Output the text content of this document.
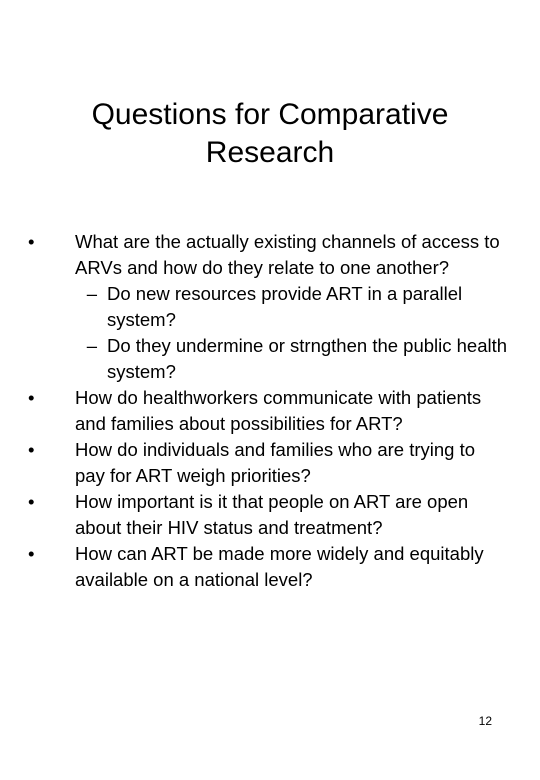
Questions for Comparative
Research
•	What are the actually existing channels of access to ARVs and how do they relate to one another?
– Do new resources provide ART in a parallel system?
– Do they undermine or strngthen the public health system?
•	How do healthworkers communicate with patients and families about possibilities for ART?
•	How do individuals and families who are trying to pay for ART weigh priorities?
•	How important is it that people on ART are open about their HIV status and treatment?
•	How can ART be made more widely and equitably available on a national level?
12
